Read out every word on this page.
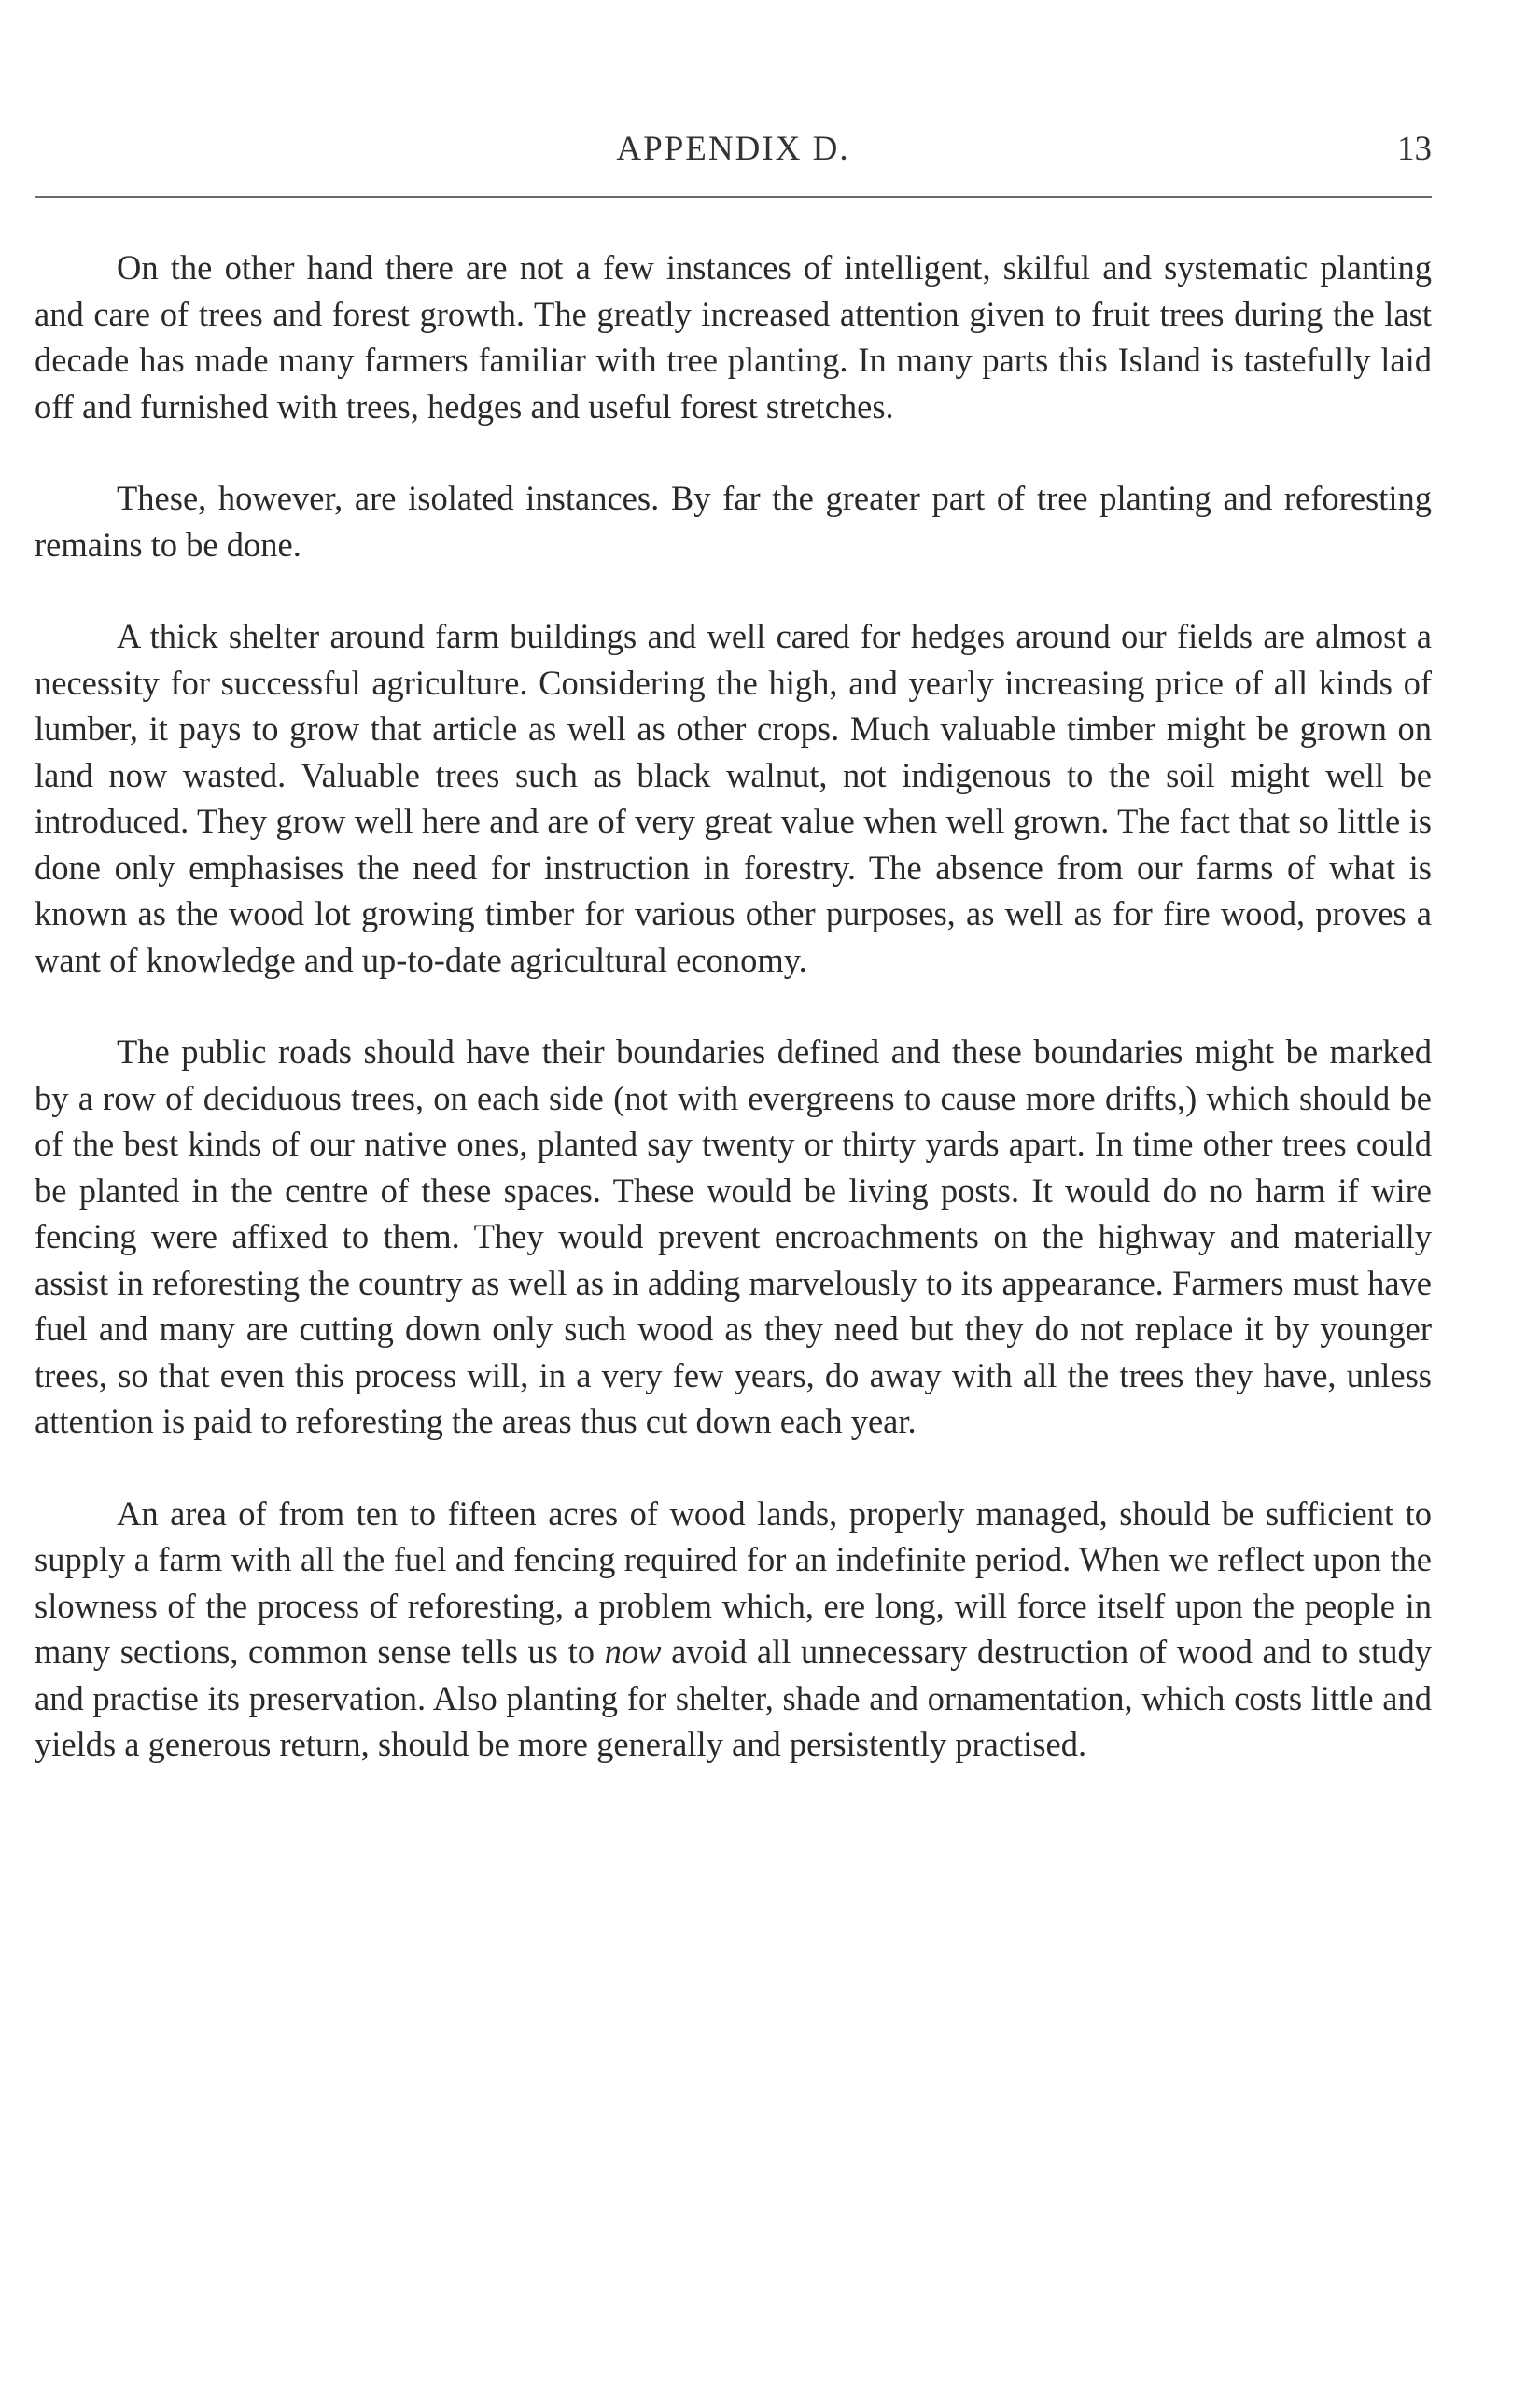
APPENDIX D.	13

On the other hand there are not a few instances of intelligent, skilful and systematic planting and care of trees and forest growth. The greatly increased attention given to fruit trees during the last decade has made many farmers familiar with tree planting. In many parts this Island is tastefully laid off and furnished with trees, hedges and useful forest stretches.

These, however, are isolated instances. By far the greater part of tree planting and reforesting remains to be done.

A thick shelter around farm buildings and well cared for hedges around our fields are almost a necessity for successful agriculture. Considering the high, and yearly increasing price of all kinds of lumber, it pays to grow that article as well as other crops. Much valuable timber might be grown on land now wasted. Valuable trees such as black walnut, not indigenous to the soil might well be introduced. They grow well here and are of very great value when well grown. The fact that so little is done only emphasises the need for instruction in forestry. The absence from our farms of what is known as the wood lot growing timber for various other purposes, as well as for fire wood, proves a want of knowledge and up-to-date agricultural economy.

The public roads should have their boundaries defined and these boundaries might be marked by a row of deciduous trees, on each side (not with evergreens to cause more drifts,) which should be of the best kinds of our native ones, planted say twenty or thirty yards apart. In time other trees could be planted in the centre of these spaces. These would be living posts. It would do no harm if wire fencing were affixed to them. They would prevent encroachments on the highway and materially assist in reforesting the country as well as in adding marvelously to its appearance. Farmers must have fuel and many are cutting down only such wood as they need but they do not replace it by younger trees, so that even this process will, in a very few years, do away with all the trees they have, unless attention is paid to reforesting the areas thus cut down each year.

An area of from ten to fifteen acres of wood lands, properly managed, should be sufficient to supply a farm with all the fuel and fencing required for an indefinite period. When we reflect upon the slowness of the process of reforesting, a problem which, ere long, will force itself upon the people in many sections, common sense tells us to now avoid all unnecessary destruction of wood and to study and practise its preservation. Also planting for shelter, shade and ornamentation, which costs little and yields a generous return, should be more generally and persistently practised.
